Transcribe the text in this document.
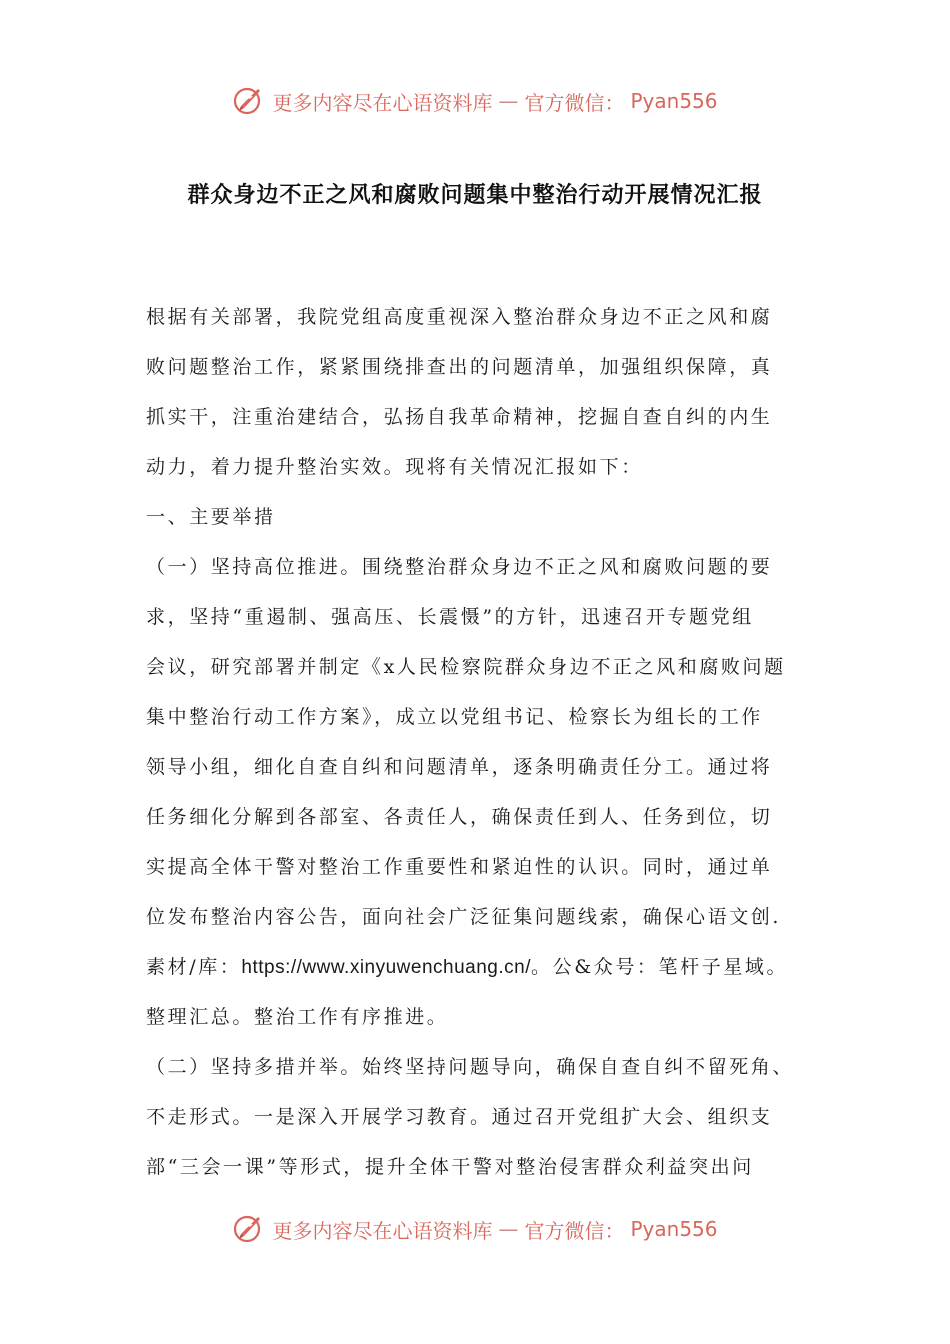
更多内容尽在心语资料库 — 官方微信： Pyan556
群众身边不正之风和腐败问题集中整治行动开展情况汇报
根据有关部署，我院党组高度重视深入整治群众身边不正之风和腐
败问题整治工作，紧紧围绕排查出的问题清单，加强组织保障，真
抓实干，注重治建结合，弘扬自我革命精神，挖掘自查自纠的内生
动力，着力提升整治实效。现将有关情况汇报如下：
一、主要举措
（一）坚持高位推进。围绕整治群众身边不正之风和腐败问题的要
求，坚持“重遏制、强高压、长震慑”的方针，迅速召开专题党组
会议，研究部署并制定《x人民检察院群众身边不正之风和腐败问题
集中整治行动工作方案》，成立以党组书记、检察长为组长的工作
领导小组，细化自查自纠和问题清单，逐条明确责任分工。通过将
任务细化分解到各部室、各责任人，确保责任到人、任务到位，切
实提高全体干警对整治工作重要性和紧迫性的认识。同时，通过单
位发布整治内容公告，面向社会广泛征集问题线索，确保心语文创.
素材/库：https://www.xinyuwenchuang.cn/。公&众号：笔杆子星域。
整理汇总。整治工作有序推进。
（二）坚持多措并举。始终坚持问题导向，确保自查自纠不留死角、
不走形式。一是深入开展学习教育。通过召开党组扩大会、组织支
部“三会一课”等形式，提升全体干警对整治侵害群众利益突出问
更多内容尽在心语资料库 — 官方微信： Pyan556
